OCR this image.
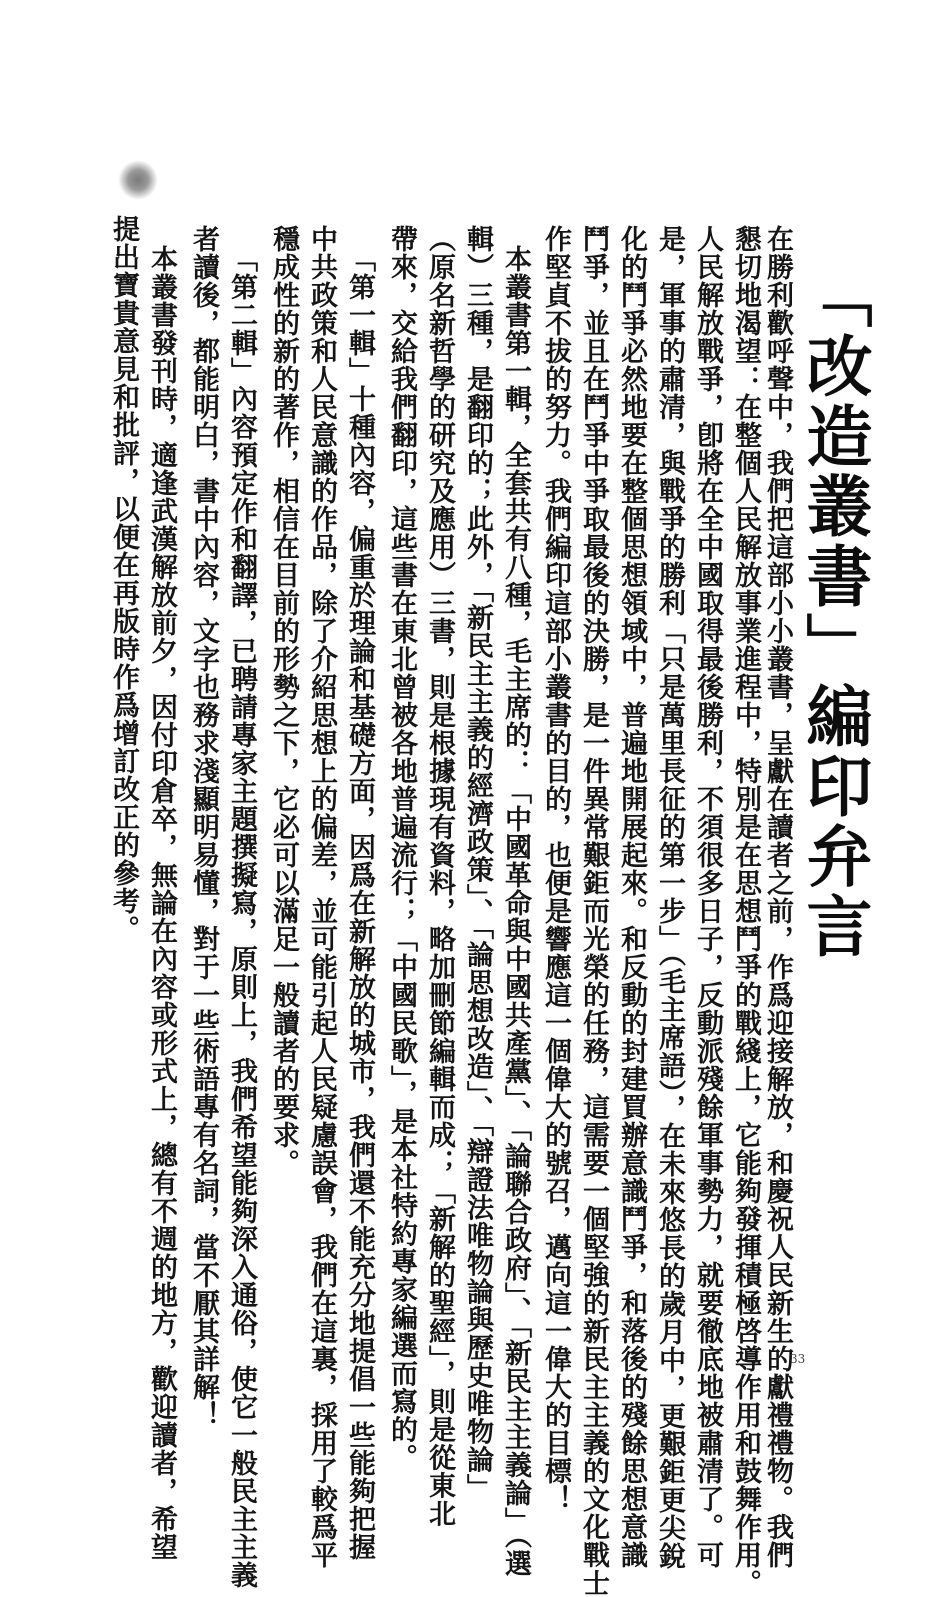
「改造叢書」編印弁言
在勝利歡呼聲中，我們把這部小小叢書，呈獻在讀者之前，作爲迎接解放，和慶祝人民新生的獻禮禮物。我們
懇切地渴望：在整個人民解放事業進程中，特別是在思想鬥爭的戰綫上，它能夠發揮積極啓導作用和鼓舞作用。
人民解放戰爭，卽將在全中國取得最後勝利，不須很多日子，反動派殘餘軍事勢力，就要徹底地被肅清了。可
是，軍事的肅清，與戰爭的勝利「只是萬里長征的第一步」（毛主席語），在未來悠長的歲月中，更艱鉅更尖銳
化的鬥爭必然地要在整個思想領域中，普遍地開展起來。和反動的封建買辦意識鬥爭，和落後的殘餘思想意識
鬥爭，並且在鬥爭中爭取最後的決勝，是一件異常艱鉅而光榮的任務，這需要一個堅強的新民主主義的文化戰士
作堅貞不拔的努力。我們編印這部小叢書的目的，也便是響應這一個偉大的號召，邁向這一偉大的目標！
本叢書第一輯，全套共有八種，毛主席的：「中國革命與中國共產黨」、「論聯合政府」、「新民主主義論」（選
輯）三種，是翻印的；此外，「新民主主義的經濟政策」、「論思想改造」、「辯證法唯物論與歷史唯物論」
（原名新哲學的研究及應用）三書，則是根據現有資料，略加刪節編輯而成；「新解的聖經」，則是從東北
帶來，交給我們翻印，這些書在東北曾被各地普遍流行；「中國民歌」，是本社特約專家編選而寫的。
「第一輯」十種內容，偏重於理論和基礎方面，因爲在新解放的城市，我們還不能充分地提倡一些能夠把握
中共政策和人民意識的作品，除了介紹思想上的偏差，並可能引起人民疑慮誤會，我們在這裏，採用了較爲平
穩成性的新的著作，相信在目前的形勢之下，它必可以滿足一般讀者的要求。
「第二輯」內容預定作和翻譯，已聘請專家主題撰擬寫，原則上，我們希望能夠深入通俗，使它一般民主主義
者讀後，都能明白，書中內容，文字也務求淺顯明易懂，對于一些術語專有名詞，當不厭其詳解！
本叢書發刊時，適逢武漢解放前夕，因付印倉卒，無論在內容或形式上，總有不週的地方，歡迎讀者，希望
提出寶貴意見和批評，以便在再版時作爲增訂改正的參考。
33
